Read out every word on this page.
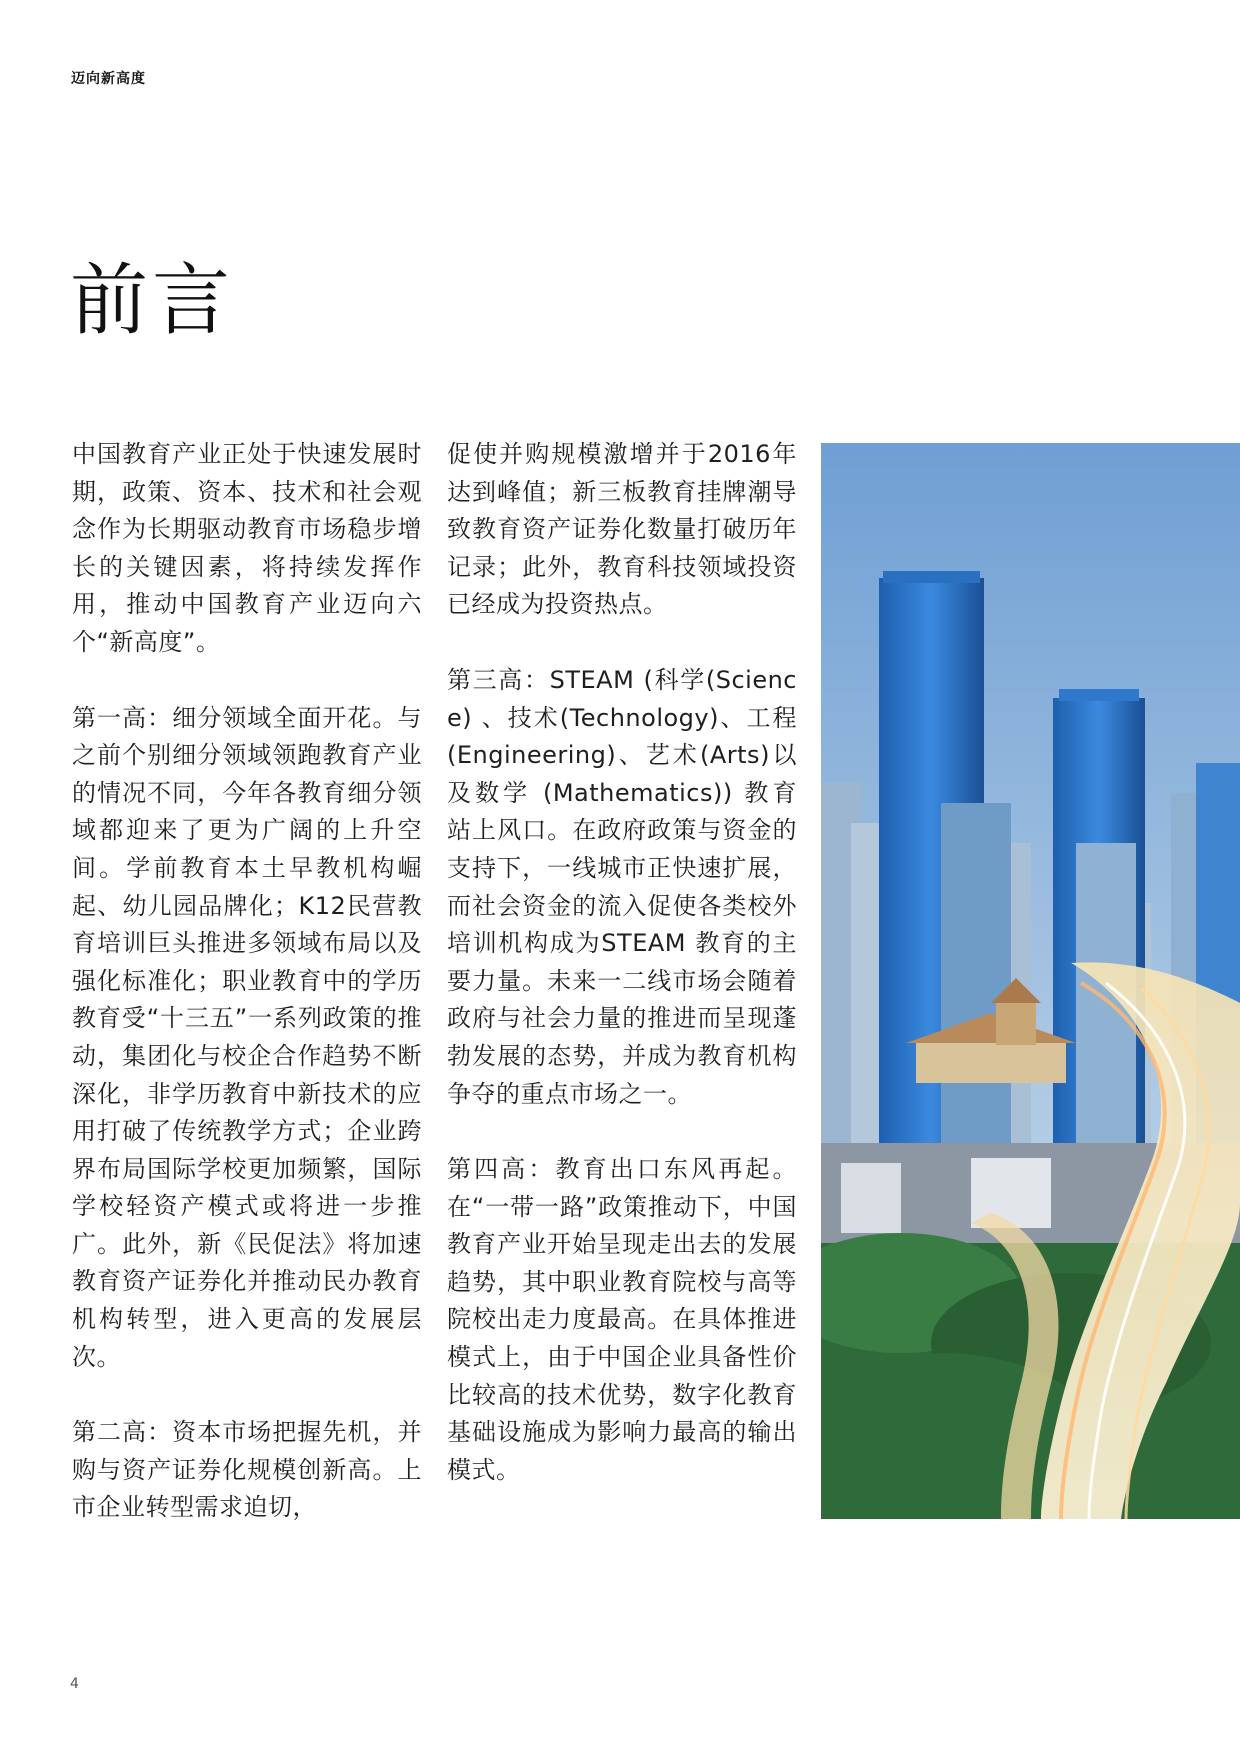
迈向新高度
前言

中国教育产业正处于快速发展时期，政策、资本、技术和社会观念作为长期驱动教育市场稳步增长的关键因素，将持续发挥作用，推动中国教育产业迈向六个“新高度”。

第一高：细分领域全面开花。与之前个别细分领域领跑教育产业的情况不同，今年各教育细分领域都迎来了更为广阔的上升空间。学前教育本土早教机构崛起、幼儿园品牌化；K12民营教育培训巨头推进多领域布局以及强化标准化；职业教育中的学历教育受“十三五”一系列政策的推动，集团化与校企合作趋势不断深化，非学历教育中新技术的应用打破了传统教学方式；企业跨界布局国际学校更加频繁，国际学校轻资产模式或将进一步推广。此外，新《民促法》将加速教育资产证券化并推动民办教育机构转型，进入更高的发展层次。

第二高：资本市场把握先机，并购与资产证券化规模创新高。上市企业转型需求迫切，

促使并购规模激增并于2016年达到峰值；新三板教育挂牌潮导致教育资产证券化数量打破历年记录；此外，教育科技领域投资已经成为投资热点。

第三高：STEAM (科学(Science) 、技术(Technology)、工程(Engineering)、艺术(Arts)以及数学 (Mathematics)) 教育站上风口。在政府政策与资金的支持下，一线城市正快速扩展，而社会资金的流入促使各类校外培训机构成为STEAM 教育的主要力量。未来一二线市场会随着政府与社会力量的推进而呈现蓬勃发展的态势，并成为教育机构争夺的重点市场之一。

第四高：教育出口东风再起。在“一带一路”政策推动下，中国教育产业开始呈现走出去的发展趋势，其中职业教育院校与高等院校出走力度最高。在具体推进模式上，由于中国企业具备性价比较高的技术优势，数字化教育基础设施成为影响力最高的输出模式。

4
